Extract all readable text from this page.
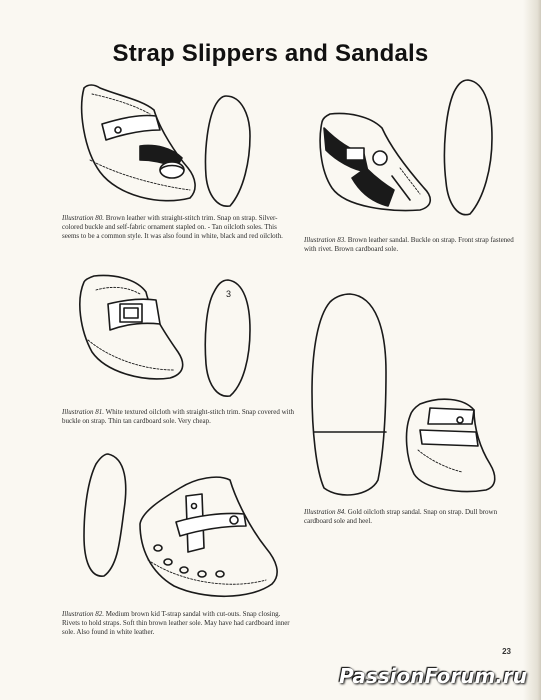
Strap Slippers and Sandals
3
Illustration 80. Brown leather with straight-stitch trim. Snap on strap. Silver-colored buckle and self-fabric ornament stapled on. - Tan oilcloth soles. This seems to be a common style. It was also found in white, black and red oilcloth.	Illustration 83. Brown leather sandal. Buckle on strap. Front strap fastened with rivet. Brown cardboard sole.
Illustration 81. White textured oilcloth with straight-stitch trim. Snap covered with buckle on strap. Thin tan cardboard sole. Very cheap.
Illustration 84. Gold oilcloth strap sandal. Snap on strap. Dull brown cardboard sole and heel.
Illustration 82. Medium brown kid T-strap sandal with cut-outs. Snap closing. Rivets to hold straps. Soft thin brown leather sole. May have had cardboard inner sole. Also found in white leather.
23
PassionForum.ru
